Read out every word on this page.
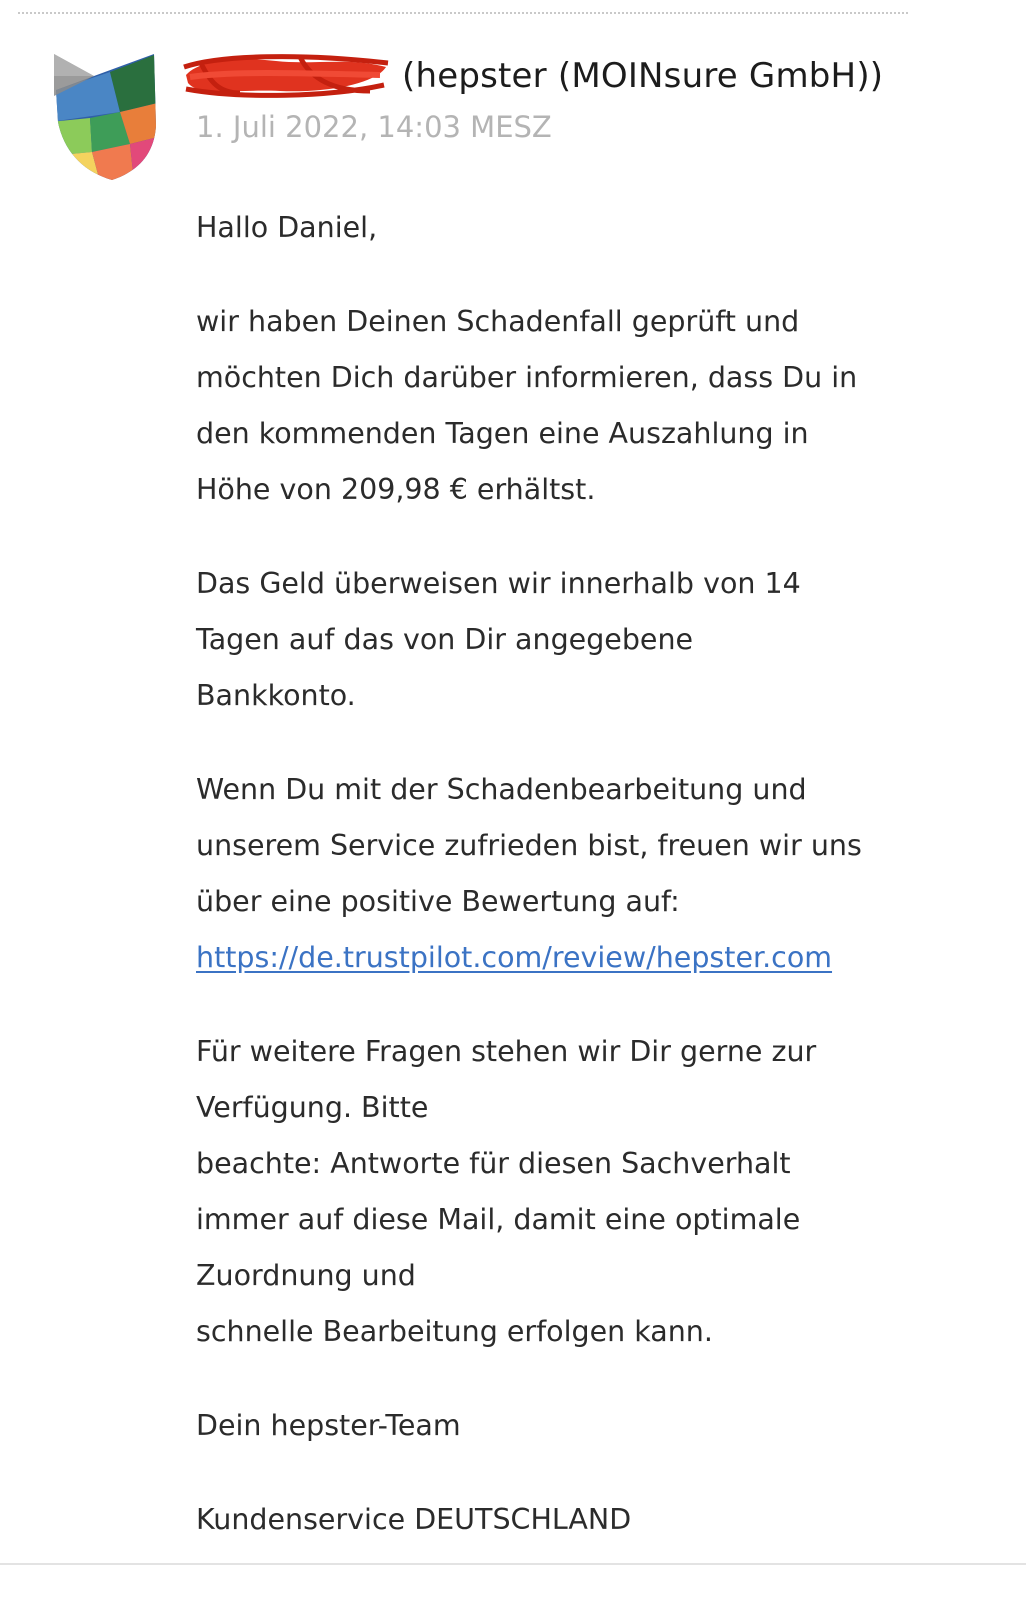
(hepster (MOINsure GmbH))
1. Juli 2022, 14:03 MESZ

Hallo Daniel,

wir haben Deinen Schadenfall geprüft und
möchten Dich darüber informieren, dass Du in
den kommenden Tagen eine Auszahlung in
Höhe von 209,98 € erhältst.

Das Geld überweisen wir innerhalb von 14
Tagen auf das von Dir angegebene
Bankkonto.

Wenn Du mit der Schadenbearbeitung und
unserem Service zufrieden bist, freuen wir uns
über eine positive Bewertung auf:
https://de.trustpilot.com/review/hepster.com

Für weitere Fragen stehen wir Dir gerne zur
Verfügung. Bitte
beachte: Antworte für diesen Sachverhalt
immer auf diese Mail, damit eine optimale
Zuordnung und
schnelle Bearbeitung erfolgen kann.

Dein hepster-Team

Kundenservice DEUTSCHLAND
